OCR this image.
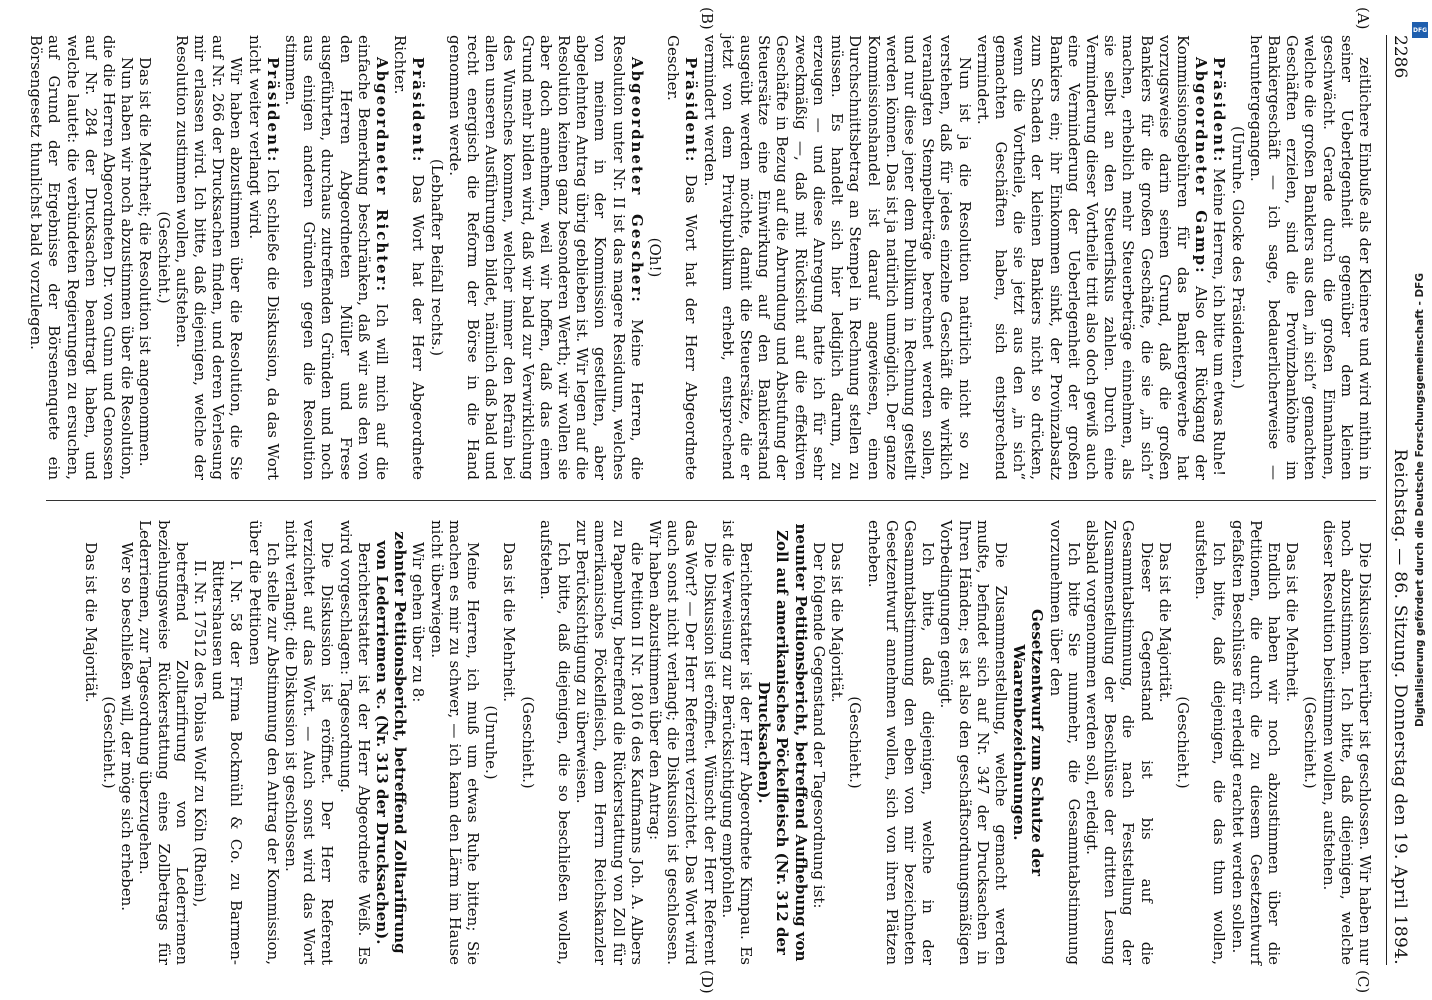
2286
Reichstag. — 86. Sitzung. Donnerstag den 19. April 1894.
(A)
(B)
(C)
(D)

zeitlichere Einbuße als der Kleinere und wird mithin in seiner Ueberlegenheit gegenüber dem kleinen geschwächt. Gerade durch die großen Einnahmen, welche die großen Banklers aus den „in sich“ gemachten Geschäften erzielen, sind die Provinzbanköhne im Bankiergeschäft — ich sage, bedauerlicherweise — heruntergegangen.

(Unruhe. Glocke des Präsidenten.)

Präsident: Meine Herren, ich bitte um etwas Ruhe!

Abgeordneter Gamp: Also der Rückgang der Kommissionsgebühren für das Bankiergewerbe hat vorzugsweise darin seinen Grund, daß die großen Bankiers für die großen Geschäfte, die sie „in sich“ machen, erheblich mehr Steuerbeträge einnehmen, als sie selbst an den Steuerfiskus zahlen. Durch eine Verminderung dieser Vortheile tritt also doch gewiß auch eine Verminderung der Ueberlegenheit der großen Bankiers ein; ihr Einkommen sinkt, der Provinzabsatz zum Schaden der kleinen Bankiers nicht so drücken, wenn die Vortheile, die sie jetzt aus den „in sich“ gemachten Geschäften haben, sich entsprechend vermindert.

Nun ist ja die Resolution natürlich nicht so zu verstehen, daß für jedes einzelne Geschäft die wirklich veranlagten Stempelbeträge berechnet werden sollen, und nur diese jener dem Publikum in Rechnung gestellt werden können. Das ist ja natürlich unmöglich. Der ganze Kommissionshandel ist darauf angewiesen, einen Durchschnittsbetrag an Stempel in Rechnung stellen zu müssen. Es handelt sich hier lediglich darum, zu erzeugen — und diese Anregung hatte ich für sehr zweckmäßig —, daß mit Rücksicht auf die effektiven Geschäfte in Bezug auf die Abrundung und Abstufung der Steuersätze eine Einwirkung auf den Bankierstand ausgeübt werden möchte, damit die Steuersätze, die er jetzt von dem Privatpublikum erhebt, entsprechend vermindert werden.

Präsident: Das Wort hat der Herr Abgeordnete Gescher.

(Oh!)

Abgeordneter Gescher: Meine Herren, die Resolution unter Nr. II ist das magere Residuum, welches von meinem in der Kommission gestellten, aber abgelehnten Antrag übrig geblieben ist. Wir legen auf die Resolution keinen ganz besonderen Werth; wir wollen sie aber doch annehmen, weil wir hoffen, daß das einen Grund mehr bilden wird, daß wir bald zur Verwirklichung des Wunsches kommen, welcher immer den Refrain bei allen unseren Ausführungen bildet, nämlich daß bald und recht energisch die Reform der Börse in die Hand genommen werde.

(Lebhafter Beifall rechts.)

Präsident: Das Wort hat der Herr Abgeordnete Richter.

Abgeordneter Richter: Ich will mich auf die einfache Bemerkung beschränken, daß wir aus den von den Herren Abgeordneten Müller und Frese ausgeführten, durchaus zutreffenden Gründen und noch aus einigen anderen Gründen gegen die Resolution stimmen.

Präsident: Ich schließe die Diskussion, da das Wort nicht weiter verlangt wird.

Wir haben abzustimmen über die Resolution, die Sie auf Nr. 266 der Drucksachen finden, und deren Verlesung mir erlassen wird. Ich bitte, daß diejenigen, welche der Resolution zustimmen wollen, aufstehen.

(Geschieht.)

Das ist die Mehrheit; die Resolution ist angenommen.

Nun haben wir noch abzustimmen über die Resolution, die die Herren Abgeordneten Dr. von Gunn und Genossen auf Nr. 284 der Drucksachen beantragt haben, und welche lautet: die verbündeten Regierungen zu ersuchen, auf Grund der Ergebnisse der Börsenenquete ein Börsengesetz thunlichst bald vorzulegen.

Die Diskussion hierüber ist geschlossen. Wir haben nur noch abzustimmen. Ich bitte, daß diejenigen, welche dieser Resolution beistimmen wollen, aufstehen.

(Geschieht.)

Das ist die Mehrheit.

Endlich haben wir noch abzustimmen über die Petitionen, die durch die zu diesem Gesetzentwurf gefaßten Beschlüsse für erledigt erachtet werden sollen.

Ich bitte, daß diejenigen, die das thun wollen, aufstehen.

(Geschieht.)

Das ist die Majorität.

Dieser Gegenstand ist bis auf die Gesammtabstimmung, die nach Feststellung der Zusammenstellung der Beschlüsse der dritten Lesung alsbald vorgenommen werden soll, erledigt.

Ich bitte Sie nunmehr, die Gesammtabstimmung vorzunehmen über den

Gesetzentwurf zum Schutze der Waarenbezeichnungen.

Die Zusammenstellung, welche gemacht werden mußte, befindet sich auf Nr. 347 der Drucksachen in Ihren Händen; es ist also den geschäftsordnungsmäßigen Vorbedingungen genügt.

Ich bitte, daß diejenigen, welche in der Gesammtabstimmung den eben von mir bezeichneten Gesetzentwurf annehmen wollen, sich von ihren Plätzen erheben.

(Geschieht.)

Das ist die Majorität.

Der folgende Gegenstand der Tagesordnung ist:

neunter Petitionsbericht, betreffend Aufhebung von Zoll auf amerikanisches Pöckelfleisch (Nr. 312 der Drucksachen).

Berichterstatter ist der Herr Abgeordnete Kimpau. Es ist die Verweisung zur Berücksichtigung empfohlen.

Die Diskussion ist eröffnet. Wünscht der Herr Referent das Wort? — Der Herr Referent verzichtet. Das Wort wird auch sonst nicht verlangt; die Diskussion ist geschlossen. Wir haben abzustimmen über den Antrag:

die Petition II Nr. 18016 des Kaufmanns Joh. A. Albers zu Papenburg, betreffend die Rückerstattung von Zoll für amerikanisches Pöckelfleisch, dem Herrn Reichskanzler zur Berücksichtigung zu überweisen.

Ich bitte, daß diejenigen, die so beschließen wollen, aufstehen.

(Geschieht.)

Das ist die Mehrheit.

(Unruhe.)

Meine Herren, ich muß um etwas Ruhe bitten; Sie machen es mir zu schwer, — ich kann den Lärm im Hause nicht überwiegen.

Wir gehen über zu 8:

zehnter Petitionsbericht, betreffend Zolltarifirung von Lederriemen ꝛc. (Nr. 313 der Drucksachen).

Berichterstatter ist der Herr Abgeordnete Weiß. Es wird vorgeschlagen: Tagesordnung.

Die Diskussion ist eröffnet. Der Herr Referent verzichtet auf das Wort. — Auch sonst wird das Wort nicht verlangt; die Diskussion ist geschlossen.

Ich stelle zur Abstimmung den Antrag der Kommission, über die Petitionen

I. Nr. 58 der Firma Bockmühl & Co. zu Barmen-Rittershausen und

II. Nr. 17512 des Tobias Wolf zu Köln (Rhein),

betreffend Zolltarifirung von Lederriemen beziehungsweise Rückerstattung eines Zollbetrags für Lederriemen, zur Tagesordnung überzugehen.

Wer so beschließen will, der möge sich erheben.

(Geschieht.)

Das ist die Majorität.	Digitalisierung gefördert durch die Deutsche Forschungsgemeinschaft - DFG
DFG
